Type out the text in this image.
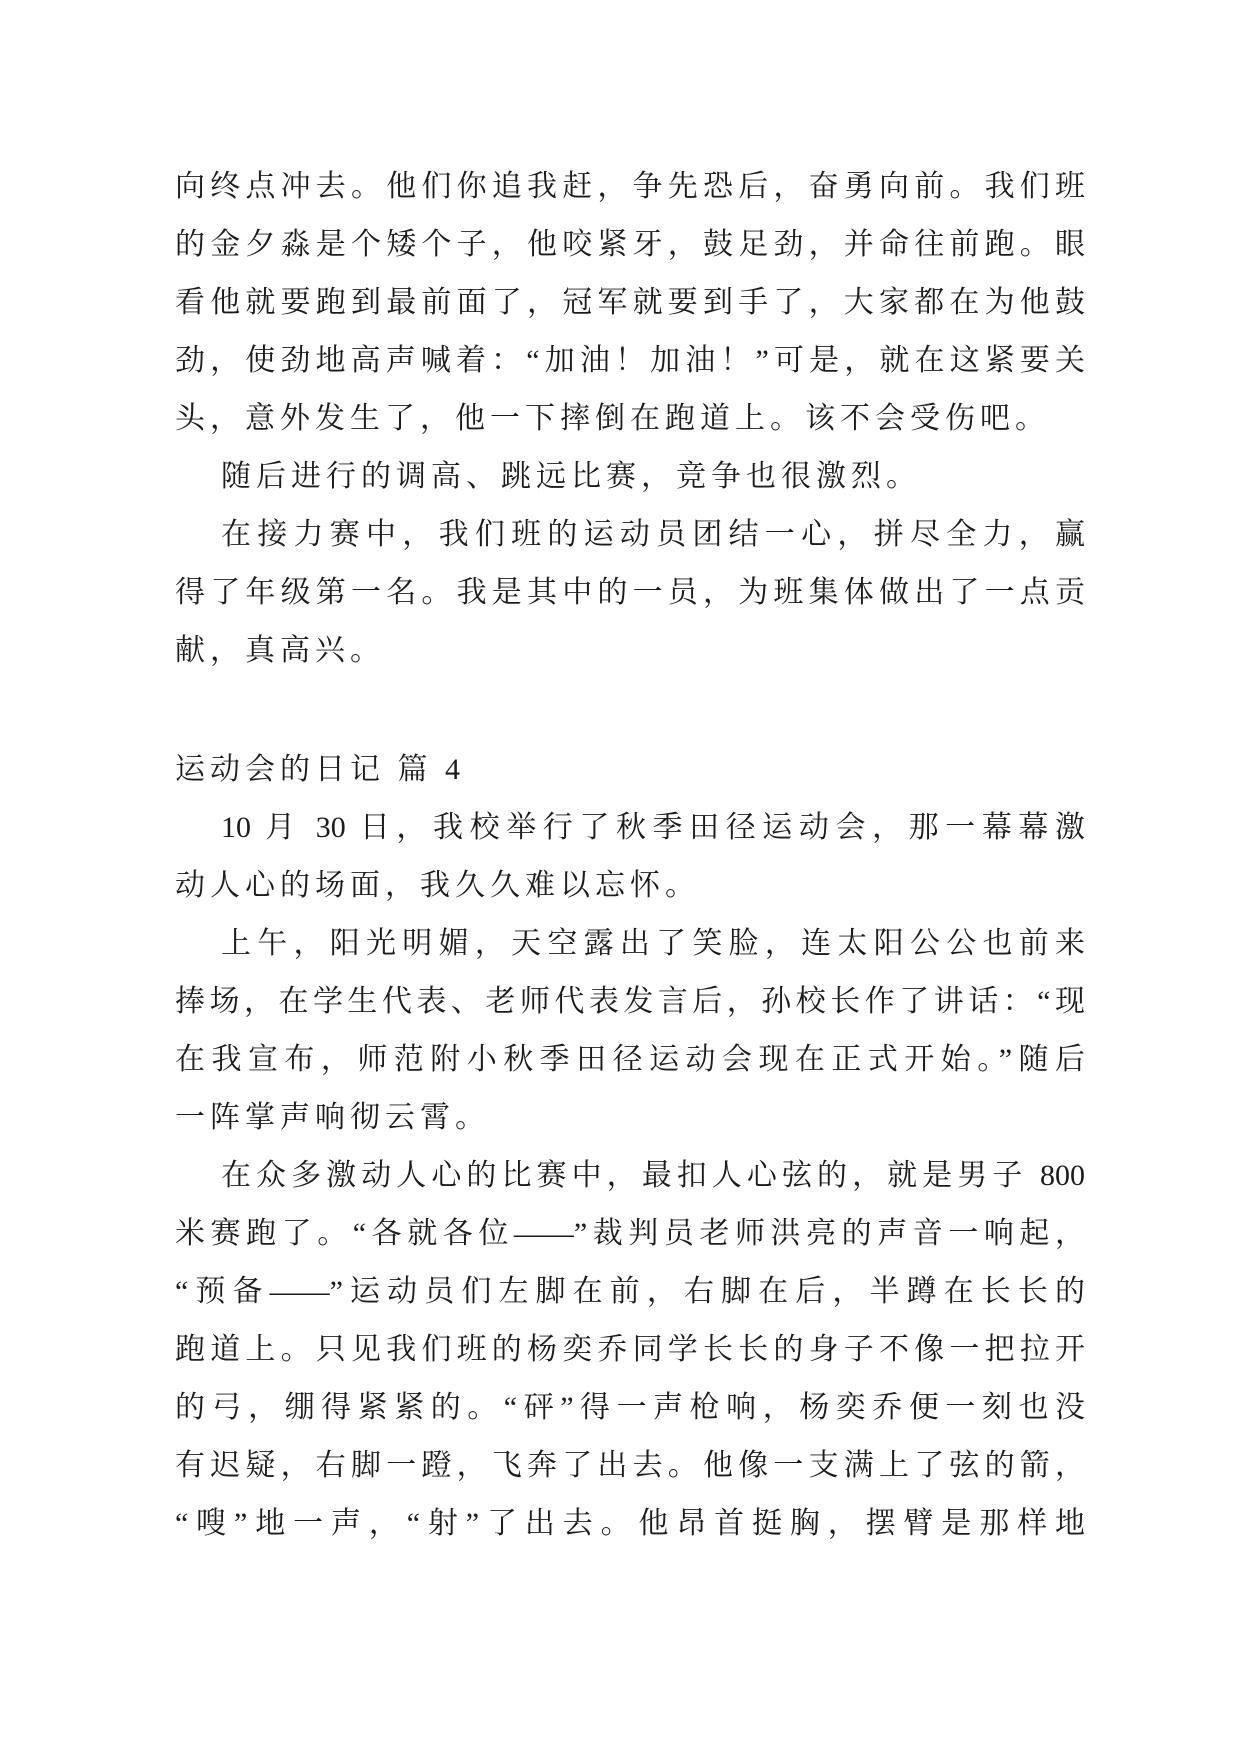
向终点冲去。他们你追我赶，争先恐后，奋勇向前。我们班
的金夕淼是个矮个子，他咬紧牙，鼓足劲，并命往前跑。眼
看他就要跑到最前面了，冠军就要到手了，大家都在为他鼓
劲，使劲地高声喊着：“加油！加油！”可是，就在这紧要关
头，意外发生了，他一下摔倒在跑道上。该不会受伤吧。
随后进行的调高、跳远比赛，竞争也很激烈。
在接力赛中，我们班的运动员团结一心，拼尽全力，赢
得了年级第一名。我是其中的一员，为班集体做出了一点贡
献，真高兴。
运动会的日记 篇 4
10 月 30 日，我校举行了秋季田径运动会，那一幕幕激
动人心的场面，我久久难以忘怀。
上午，阳光明媚，天空露出了笑脸，连太阳公公也前来
捧场，在学生代表、老师代表发言后，孙校长作了讲话：“现
在我宣布，师范附小秋季田径运动会现在正式开始。”随后
一阵掌声响彻云霄。
在众多激动人心的比赛中，最扣人心弦的，就是男子 800
米赛跑了。“各就各位——”裁判员老师洪亮的声音一响起，
“预备——”运动员们左脚在前，右脚在后，半蹲在长长的
跑道上。只见我们班的杨奕乔同学长长的身子不像一把拉开
的弓，绷得紧紧的。“砰”得一声枪响，杨奕乔便一刻也没
有迟疑，右脚一蹬，飞奔了出去。他像一支满上了弦的箭，
“嗖”地一声，“射”了出去。他昂首挺胸，摆臂是那样地
